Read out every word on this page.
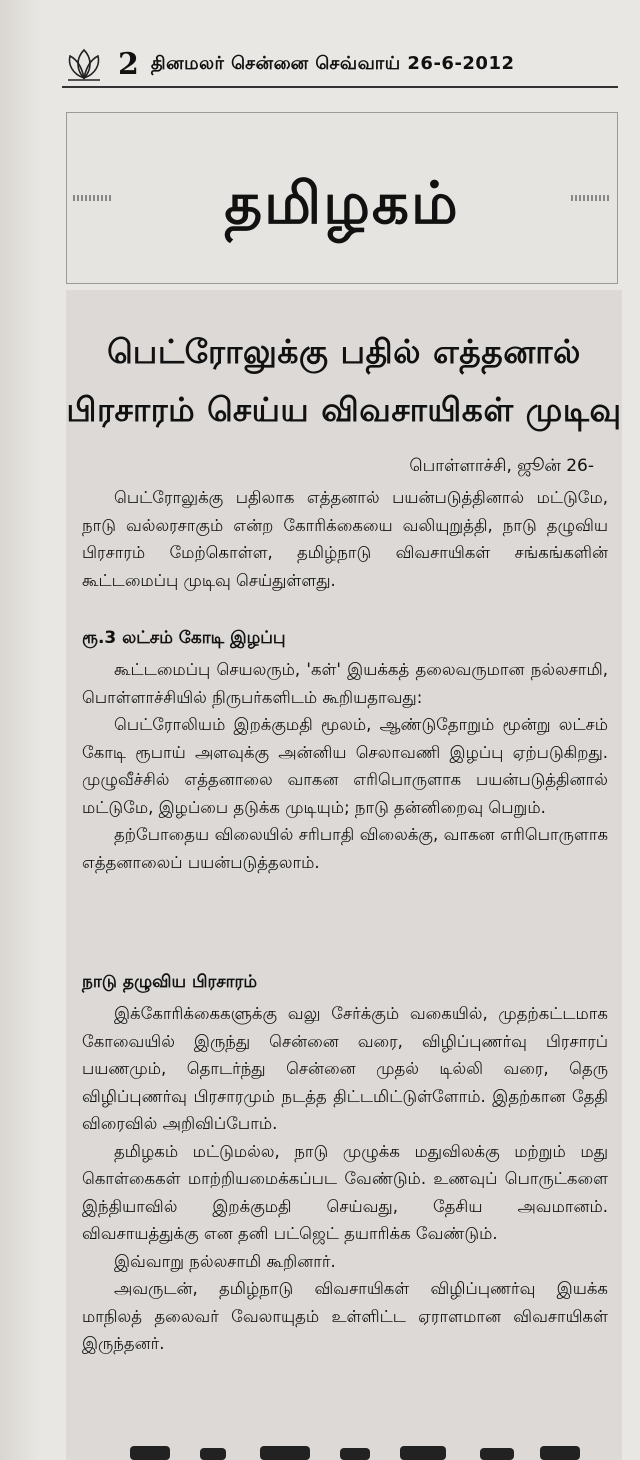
2 தினமலர் சென்னை செவ்வாய் 26-6-2012
தமிழகம்
பெட்ரோலுக்கு பதில் எத்தனால்
பிரசாரம் செய்ய விவசாயிகள் முடிவு
பொள்ளாச்சி, ஜூன் 26-

பெட்ரோலுக்கு பதிலாக எத்தனால் பயன்படுத்தினால் மட்டுமே, நாடு வல்லரசாகும் என்ற கோரிக்கையை வலியுறுத்தி, நாடு தழுவிய பிரசாரம் மேற்கொள்ள, தமிழ்நாடு விவசாயிகள் சங்கங்களின் கூட்டமைப்பு முடிவு செய்துள்ளது.

ரூ.3 லட்சம் கோடி இழப்பு

கூட்டமைப்பு செயலரும், 'கள்' இயக்கத் தலைவருமான நல்லசாமி, பொள்ளாச்சியில் நிருபர்களிடம் கூறியதாவது:

பெட்ரோலியம் இறக்குமதி மூலம், ஆண்டுதோறும் மூன்று லட்சம் கோடி ரூபாய் அளவுக்கு அன்னிய செலாவணி இழப்பு ஏற்படுகிறது. முழுவீச்சில் எத்தனாலை வாகன எரிபொருளாக பயன்படுத்தினால் மட்டுமே, இழப்பை தடுக்க முடியும்; நாடு தன்னிறைவு பெறும்.

தற்போதைய விலையில் சரிபாதி விலைக்கு, வாகன எரிபொருளாக எத்தனாலைப் பயன்படுத்தலாம்.

நாடு தழுவிய பிரசாரம்

இக்கோரிக்கைகளுக்கு வலு சேர்க்கும் வகையில், முதற்கட்டமாக கோவையில் இருந்து சென்னை வரை, விழிப்புணர்வு பிரசாரப் பயணமும், தொடர்ந்து சென்னை முதல் டில்லி வரை, தெரு விழிப்புணர்வு பிரசாரமும் நடத்த திட்டமிட்டுள்ளோம். இதற்கான தேதி விரைவில் அறிவிப்போம்.

தமிழகம் மட்டுமல்ல, நாடு முழுக்க மதுவிலக்கு மற்றும் மது கொள்கைகள் மாற்றியமைக்கப்பட வேண்டும். உணவுப் பொருட்களை இந்தியாவில் இறக்குமதி செய்வது, தேசிய அவமானம். விவசாயத்துக்கு என தனி பட்ஜெட் தயாரிக்க வேண்டும்.

இவ்வாறு நல்லசாமி கூறினார்.

அவருடன், தமிழ்நாடு விவசாயிகள் விழிப்புணர்வு இயக்க மாநிலத் தலைவர் வேலாயுதம் உள்ளிட்ட ஏராளமான விவசாயிகள் இருந்தனர்.
